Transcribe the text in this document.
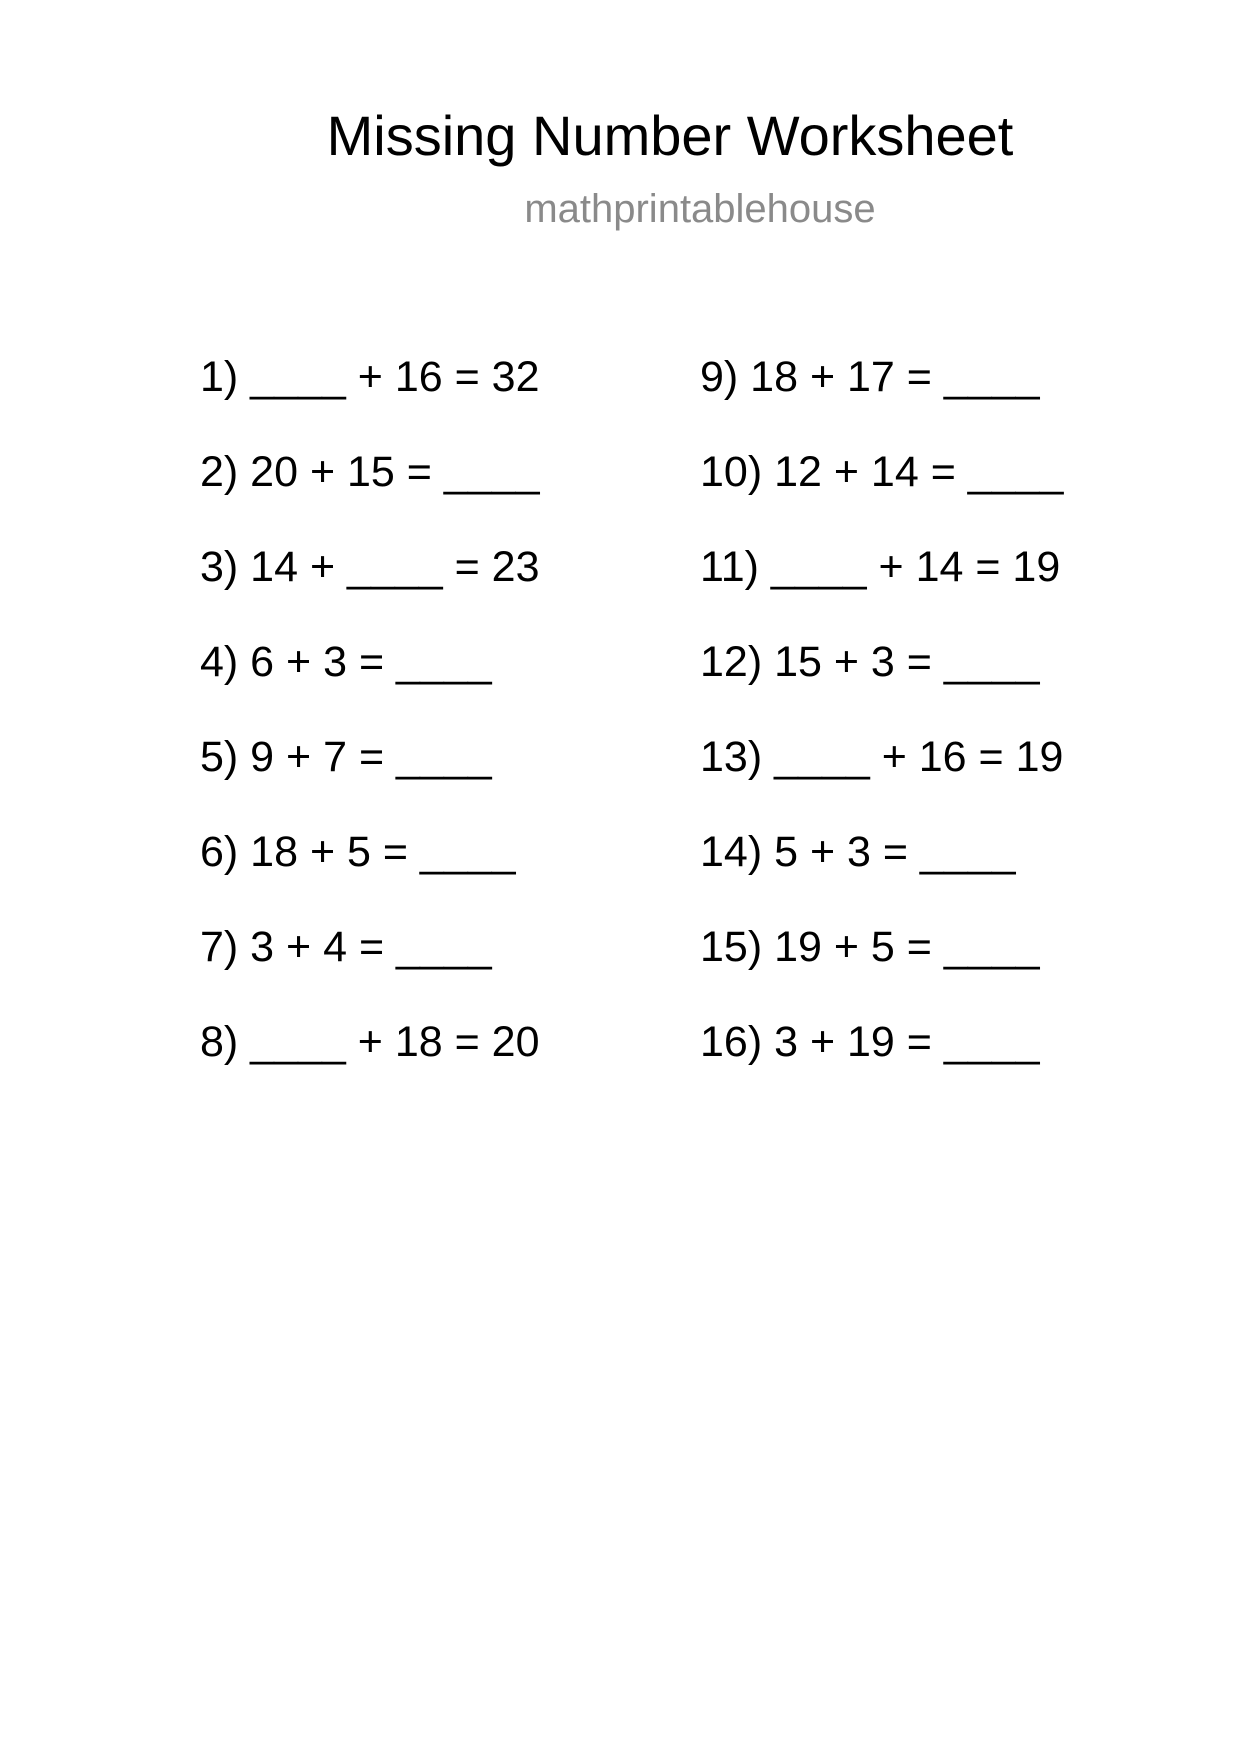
Missing Number Worksheet
mathprintablehouse
1) ____ + 16 = 32
2) 20 + 15 = ____
3) 14 + ____ = 23
4) 6 + 3 = ____
5) 9 + 7 = ____
6) 18 + 5 = ____
7) 3 + 4 = ____
8) ____ + 18 = 20
9) 18 + 17 = ____
10) 12 + 14 = ____
11) ____ + 14 = 19
12) 15 + 3 = ____
13) ____ + 16 = 19
14) 5 + 3 = ____
15) 19 + 5 = ____
16) 3 + 19 = ____
